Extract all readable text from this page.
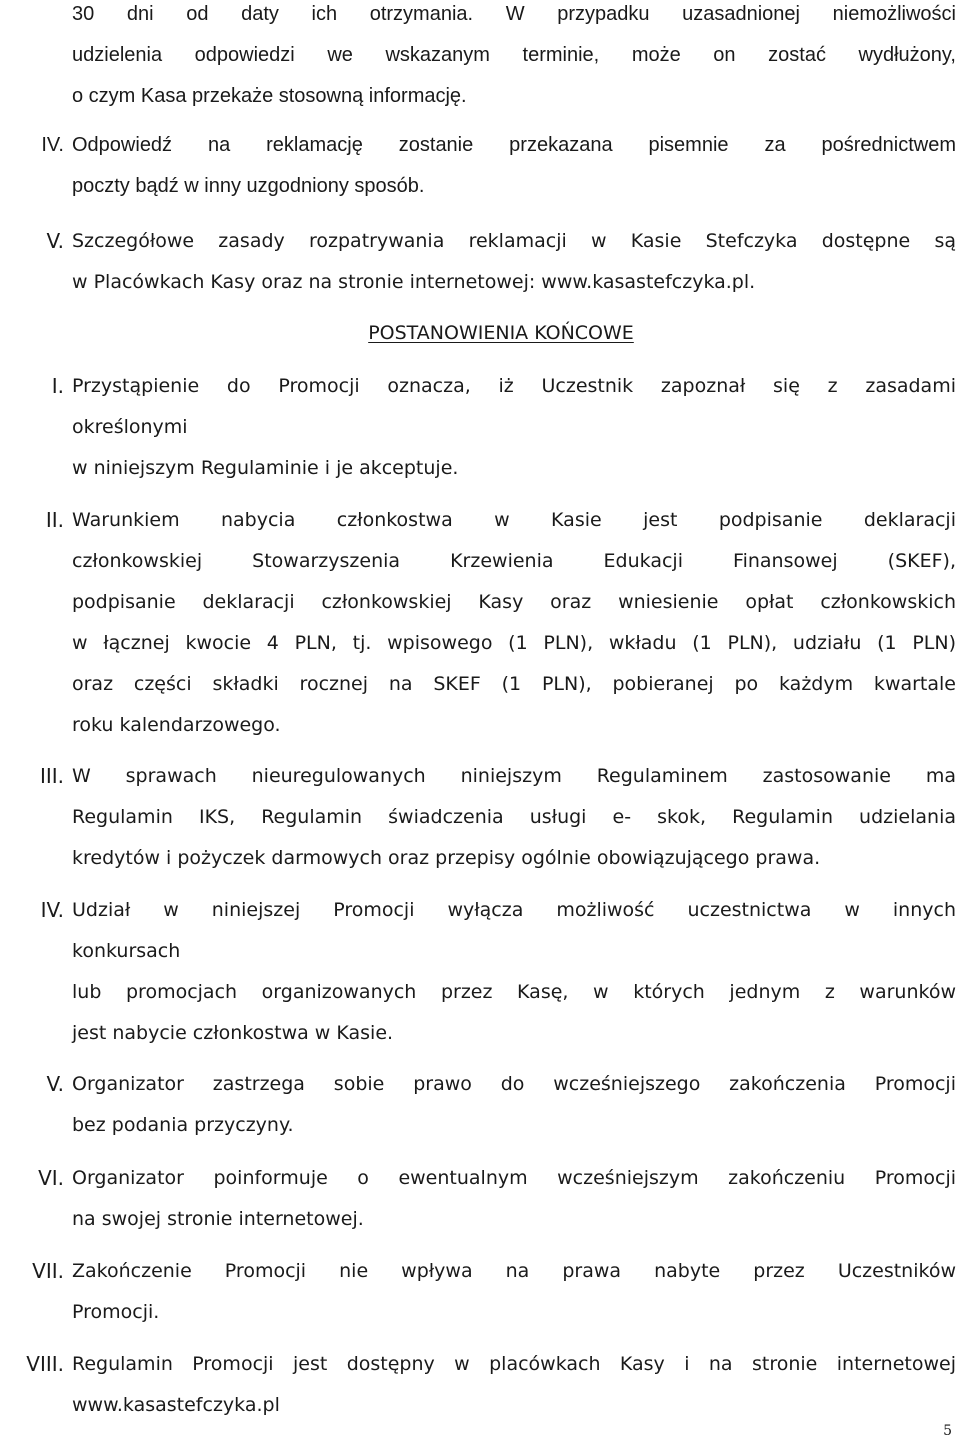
30 dni od daty ich otrzymania. W przypadku uzasadnionej niemożliwości
udzielenia odpowiedzi we wskazanym terminie, może on zostać wydłużony,
o czym Kasa przekaże stosowną informację.
IV. Odpowiedź na reklamację zostanie przekazana pisemnie za pośrednictwem
poczty bądź w inny uzgodniony sposób.
V. Szczegółowe zasady rozpatrywania reklamacji w Kasie Stefczyka dostępne są
w Placówkach Kasy oraz na stronie internetowej: www.kasastefczyka.pl.
POSTANOWIENIA KOŃCOWE
I. Przystąpienie do Promocji oznacza, iż Uczestnik zapoznał się z zasadami
określonymi
w niniejszym Regulaminie i je akceptuje.
II. Warunkiem nabycia członkostwa w Kasie jest podpisanie deklaracji
członkowskiej Stowarzyszenia Krzewienia Edukacji Finansowej (SKEF),
podpisanie deklaracji członkowskiej Kasy oraz wniesienie opłat członkowskich
w łącznej kwocie 4 PLN, tj. wpisowego (1 PLN), wkładu (1 PLN), udziału (1 PLN)
oraz części składki rocznej na SKEF (1 PLN), pobieranej po każdym kwartale
roku kalendarzowego.
III. W sprawach nieuregulowanych niniejszym Regulaminem zastosowanie ma
Regulamin IKS, Regulamin świadczenia usługi e- skok, Regulamin udzielania
kredytów i pożyczek darmowych oraz przepisy ogólnie obowiązującego prawa.
IV. Udział w niniejszej Promocji wyłącza możliwość uczestnictwa w innych
konkursach
lub promocjach organizowanych przez Kasę, w których jednym z warunków
jest nabycie członkostwa w Kasie.
V. Organizator zastrzega sobie prawo do wcześniejszego zakończenia Promocji
bez podania przyczyny.
VI. Organizator poinformuje o ewentualnym wcześniejszym zakończeniu Promocji
na swojej stronie internetowej.
VII. Zakończenie Promocji nie wpływa na prawa nabyte przez Uczestników
Promocji.
VIII. Regulamin Promocji jest dostępny w placówkach Kasy i na stronie internetowej
www.kasastefczyka.pl
5
